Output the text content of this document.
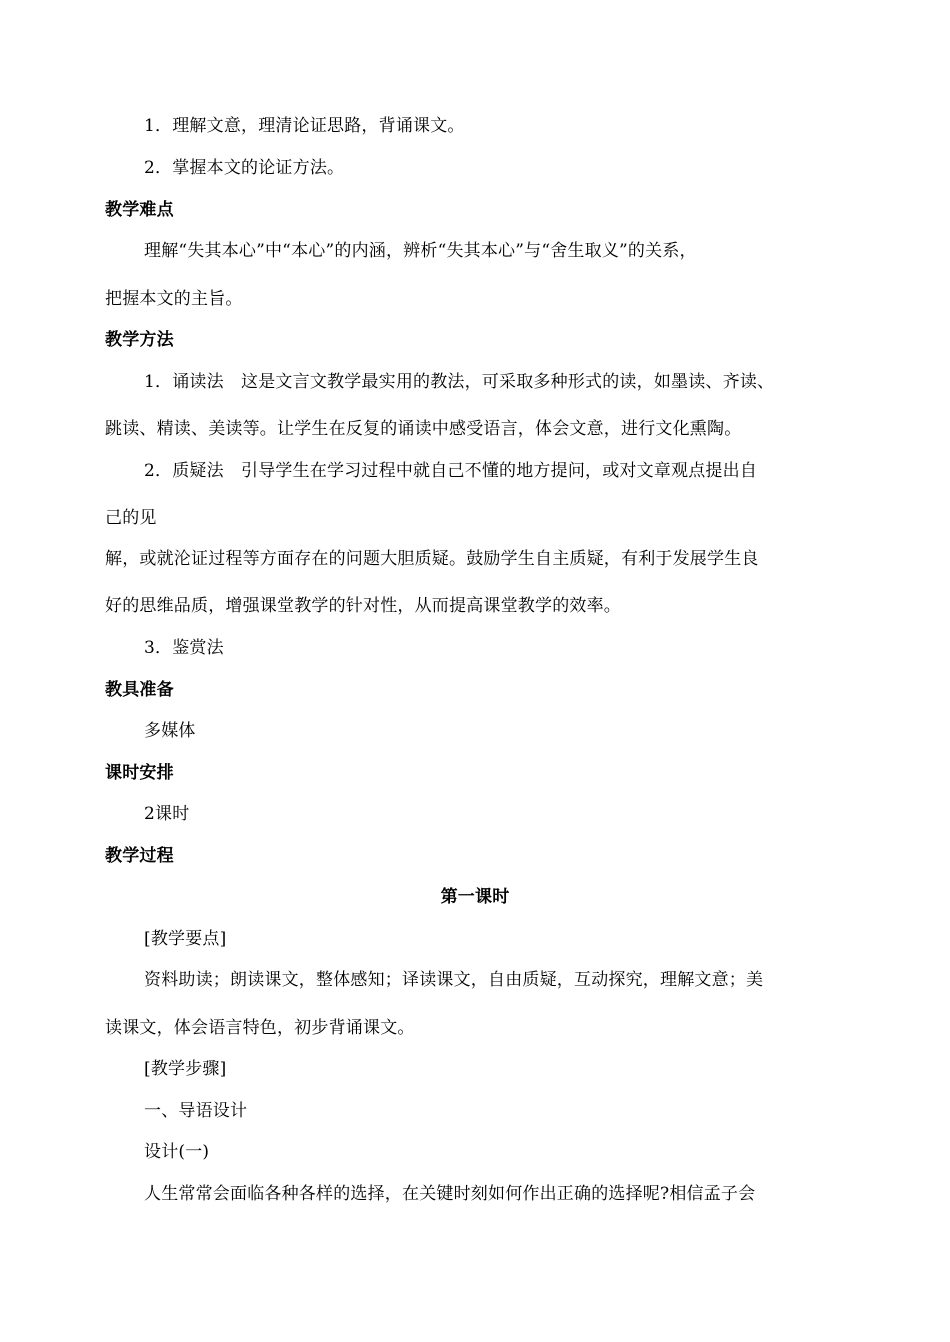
1．理解文意，理清论证思路，背诵课文。
2．掌握本文的论证方法。
教学难点
理解“失其本心”中“本心”的内涵，辨析“失其本心”与“舍生取义”的关系，
把握本文的主旨。
教学方法
1．诵读法　这是文言文教学最实用的教法，可采取多种形式的读，如墨读、齐读、
跳读、精读、美读等。让学生在反复的诵读中感受语言，体会文意，进行文化熏陶。
2．质疑法　引导学生在学习过程中就自己不懂的地方提问，或对文章观点提出自
己的见
解，或就沦证过程等方面存在的问题大胆质疑。鼓励学生自主质疑，有利于发展学生良
好的思维品质，增强课堂教学的针对性，从而提高课堂教学的效率。
3．鉴赏法
教具准备
多媒体
课时安排
2课时
教学过程
第一课时
[教学要点]
资料助读；朗读课文，整体感知；译读课文，自由质疑，互动探究，理解文意；美
读课文，体会语言特色，初步背诵课文。
[教学步骤]
一、导语设计
设计(一)
人生常常会面临各种各样的选择，在关键时刻如何作出正确的选择呢?相信孟子会
